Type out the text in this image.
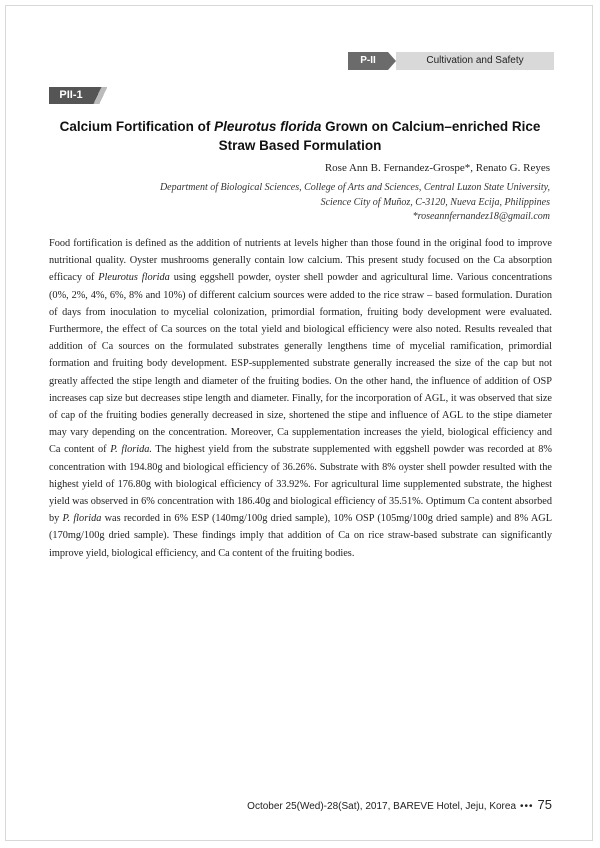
P-II	Cultivation and Safety
PII-1
Calcium Fortification of Pleurotus florida Grown on Calcium–enriched Rice Straw Based Formulation
Rose Ann B. Fernandez-Grospe*, Renato G. Reyes
Department of Biological Sciences, College of Arts and Sciences, Central Luzon State University,
Science City of Muñoz, C-3120, Nueva Ecija, Philippines
*roseannfernandez18@gmail.com
Food fortification is defined as the addition of nutrients at levels higher than those found in the original food to improve nutritional quality. Oyster mushrooms generally contain low calcium. This present study focused on the Ca absorption efficacy of Pleurotus florida using eggshell powder, oyster shell powder and agricultural lime. Various concentrations (0%, 2%, 4%, 6%, 8% and 10%) of different calcium sources were added to the rice straw – based formulation. Duration of days from inoculation to mycelial colonization, primordial formation, fruiting body development were evaluated. Furthermore, the effect of Ca sources on the total yield and biological efficiency were also noted. Results revealed that addition of Ca sources on the formulated substrates generally lengthens time of mycelial ramification, primordial formation and fruiting body development. ESP-supplemented substrate generally increased the size of the cap but not greatly affected the stipe length and diameter of the fruiting bodies. On the other hand, the influence of addition of OSP increases cap size but decreases stipe length and diameter. Finally, for the incorporation of AGL, it was observed that size of cap of the fruiting bodies generally decreased in size, shortened the stipe and influence of AGL to the stipe diameter may vary depending on the concentration. Moreover, Ca supplementation increases the yield, biological efficiency and Ca content of P. florida. The highest yield from the substrate supplemented with eggshell powder was recorded at 8% concentration with 194.80g and biological efficiency of 36.26%. Substrate with 8% oyster shell powder resulted with the highest yield of 176.80g with biological efficiency of 33.92%. For agricultural lime supplemented substrate, the highest yield was observed in 6% concentration with 186.40g and biological efficiency of 35.51%. Optimum Ca content absorbed by P. florida was recorded in 6% ESP (140mg/100g dried sample), 10% OSP (105mg/100g dried sample) and 8% AGL (170mg/100g dried sample). These findings imply that addition of Ca on rice straw-based substrate can significantly improve yield, biological efficiency, and Ca content of the fruiting bodies.
October 25(Wed)-28(Sat), 2017, BAREVE Hotel, Jeju, Korea ••• 75
